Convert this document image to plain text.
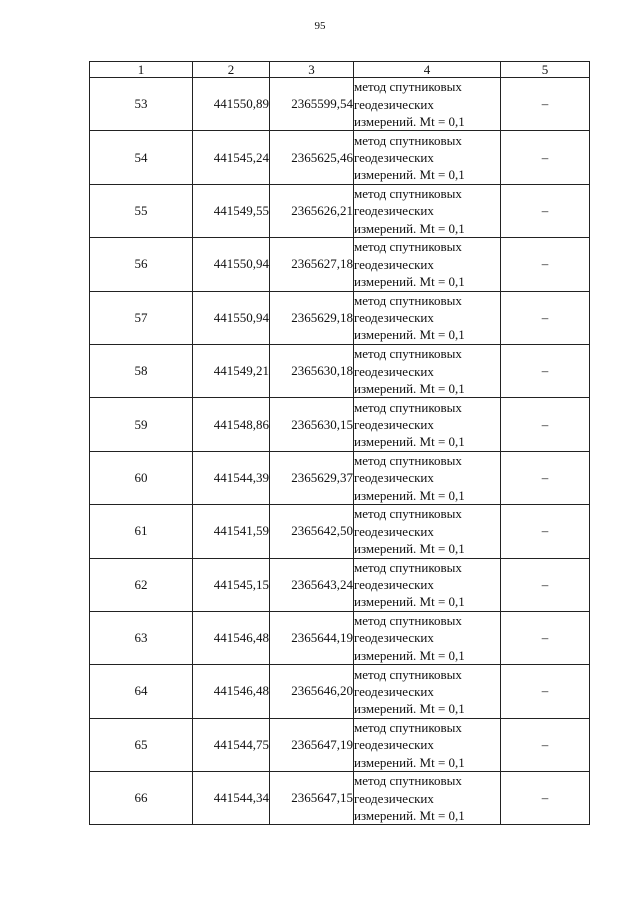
95
1	2	3	4	5
53	441550,89	2365599,54	метод спутниковых
геодезических
измерений. Mt = 0,1	–
54	441545,24	2365625,46	метод спутниковых
геодезических
измерений. Mt = 0,1	–
55	441549,55	2365626,21	метод спутниковых
геодезических
измерений. Mt = 0,1	–
56	441550,94	2365627,18	метод спутниковых
геодезических
измерений. Mt = 0,1	–
57	441550,94	2365629,18	метод спутниковых
геодезических
измерений. Mt = 0,1	–
58	441549,21	2365630,18	метод спутниковых
геодезических
измерений. Mt = 0,1	–
59	441548,86	2365630,15	метод спутниковых
геодезических
измерений. Mt = 0,1	–
60	441544,39	2365629,37	метод спутниковых
геодезических
измерений. Mt = 0,1	–
61	441541,59	2365642,50	метод спутниковых
геодезических
измерений. Mt = 0,1	–
62	441545,15	2365643,24	метод спутниковых
геодезических
измерений. Mt = 0,1	–
63	441546,48	2365644,19	метод спутниковых
геодезических
измерений. Mt = 0,1	–
64	441546,48	2365646,20	метод спутниковых
геодезических
измерений. Mt = 0,1	–
65	441544,75	2365647,19	метод спутниковых
геодезических
измерений. Mt = 0,1	–
66	441544,34	2365647,15	метод спутниковых
геодезических
измерений. Mt = 0,1	–
